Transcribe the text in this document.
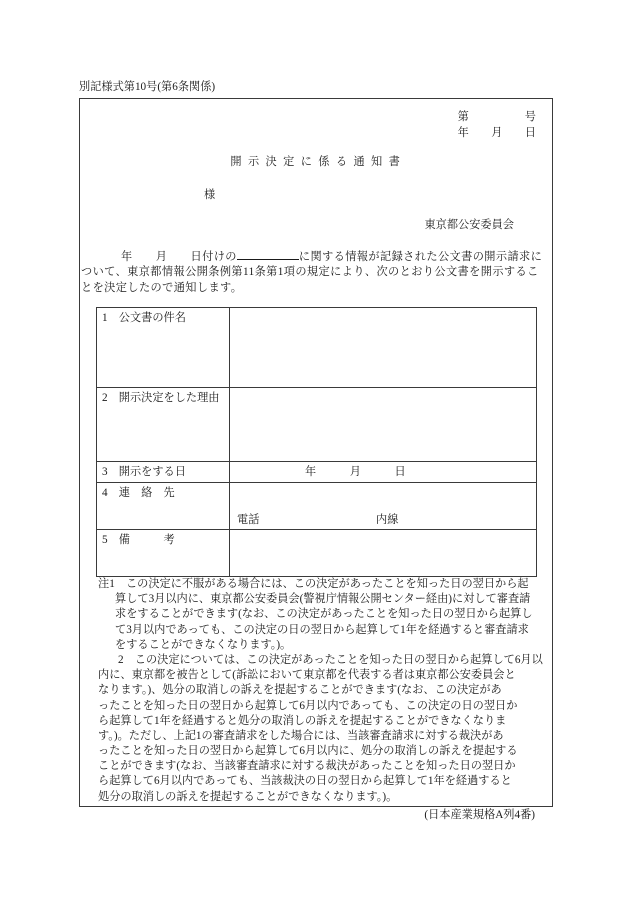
別記様式第10号(第6条関係)
第　　　　　号
年　　月　　日
開 示 決 定 に 係 る 通 知 書
様
東京都公安委員会
年　　月　　日付けの	に関する情報が記録された公文書の開示請求に
ついて、東京都情報公開条例第11条第1項の規定により、次のとおり公文書を開示するこ
とを決定したので通知します。
1　公文書の件名
2　開示決定をした理由
3　開示をする日	年　　　月　　　日
4　連　絡　先
電話	内線
5　備　　　考
注1　この決定に不服がある場合には、この決定があったことを知った日の翌日から起
算して3月以内に、東京都公安委員会(警視庁情報公開センター経由)に対して審査請
求をすることができます(なお、この決定があったことを知った日の翌日から起算し
て3月以内であっても、この決定の日の翌日から起算して1年を経過すると審査請求
をすることができなくなります。)。
2　この決定については、この決定があったことを知った日の翌日から起算して6月以
内に、東京都を被告として(訴訟において東京都を代表する者は東京都公安委員会と
なります。)、処分の取消しの訴えを提起することができます(なお、この決定があ
ったことを知った日の翌日から起算して6月以内であっても、この決定の日の翌日か
ら起算して1年を経過すると処分の取消しの訴えを提起することができなくなりま
す。)。ただし、上記1の審査請求をした場合には、当該審査請求に対する裁決があ
ったことを知った日の翌日から起算して6月以内に、処分の取消しの訴えを提起する
ことができます(なお、当該審査請求に対する裁決があったことを知った日の翌日か
ら起算して6月以内であっても、当該裁決の日の翌日から起算して1年を経過すると
処分の取消しの訴えを提起することができなくなります。)。
(日本産業規格A列4番)
